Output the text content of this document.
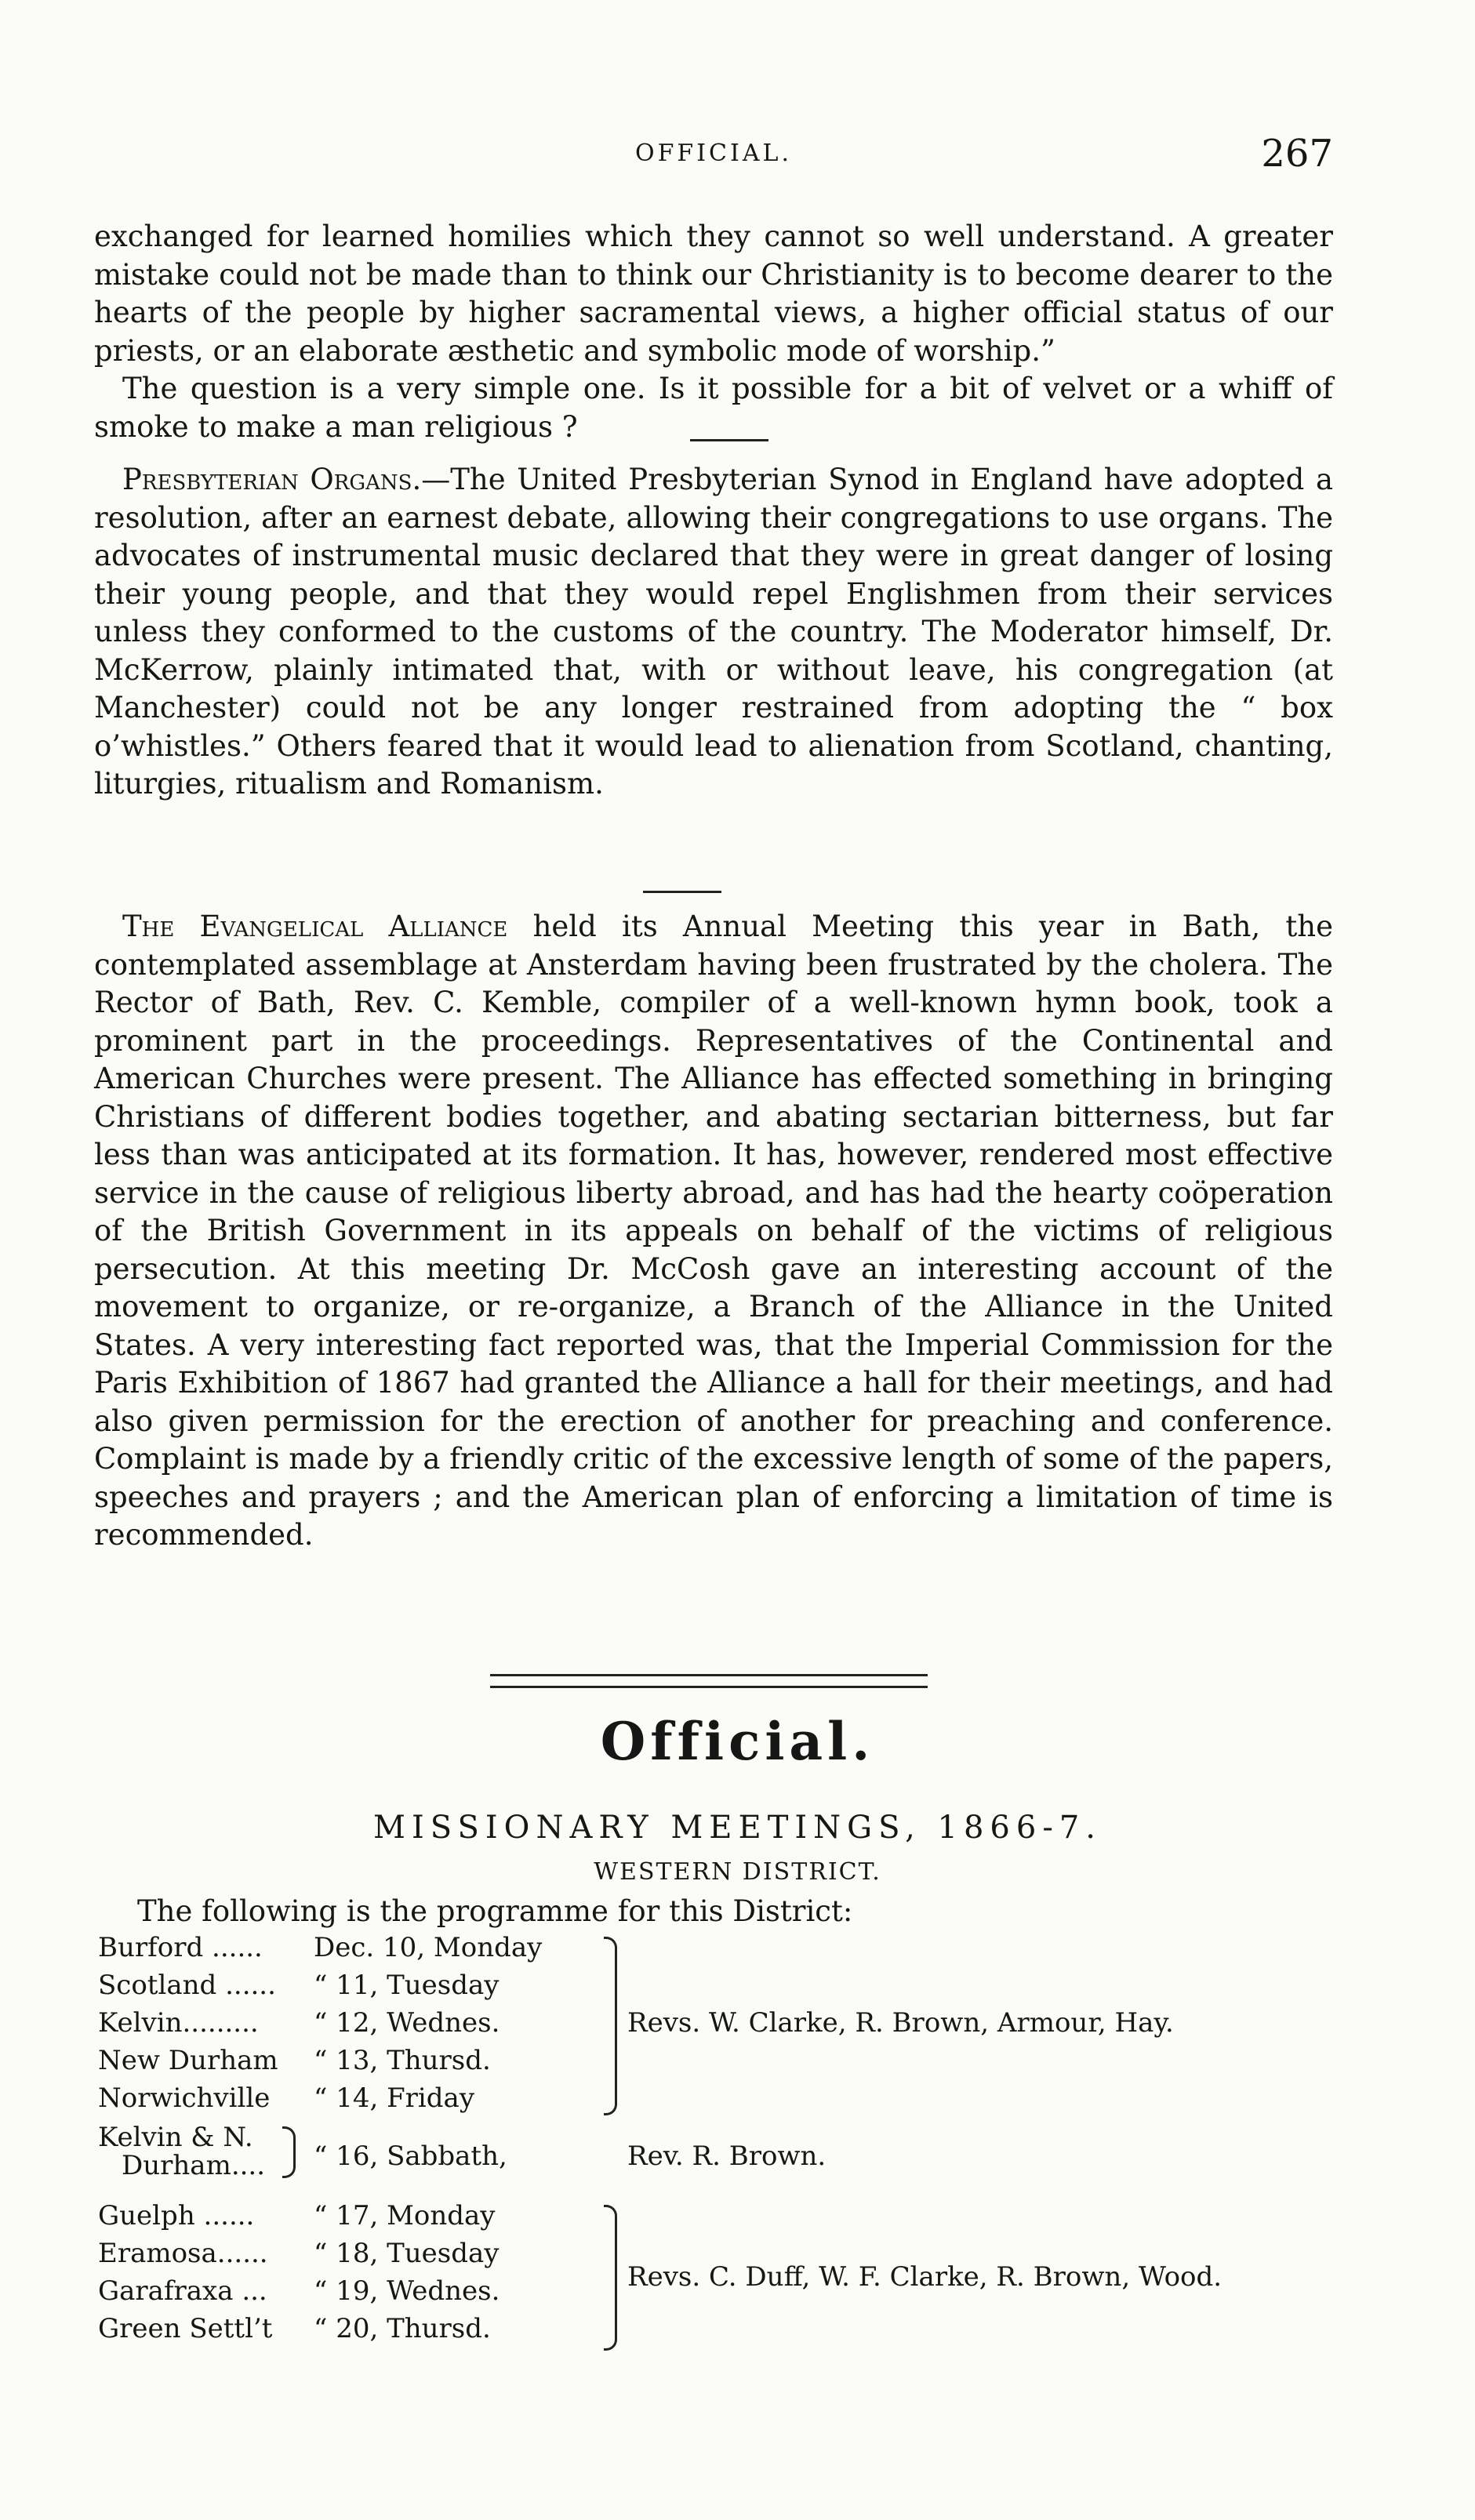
OFFICIAL.	267

exchanged for learned homilies which they cannot so well understand. A greater mistake could not be made than to think our Christianity is to become dearer to the hearts of the people by higher sacramental views, a higher official status of our priests, or an elaborate æsthetic and symbolic mode of worship.”

The question is a very simple one. Is it possible for a bit of velvet or a whiff of smoke to make a man religious ?

Presbyterian Organs.—The United Presbyterian Synod in England have adopted a resolution, after an earnest debate, allowing their congregations to use organs. The advocates of instrumental music declared that they were in great danger of losing their young people, and that they would repel Englishmen from their services unless they conformed to the customs of the country. The Moderator himself, Dr. McKerrow, plainly intimated that, with or without leave, his congregation (at Manchester) could not be any longer restrained from adopting the “ box o’whistles.” Others feared that it would lead to alienation from Scotland, chanting, liturgies, ritualism and Romanism.

The Evangelical Alliance held its Annual Meeting this year in Bath, the contemplated assemblage at Ansterdam having been frustrated by the cholera. The Rector of Bath, Rev. C. Kemble, compiler of a well-known hymn book, took a prominent part in the proceedings. Representatives of the Continental and American Churches were present. The Alliance has effected something in bringing Christians of different bodies together, and abating sectarian bitterness, but far less than was anticipated at its formation. It has, however, rendered most effective service in the cause of religious liberty abroad, and has had the hearty coöperation of the British Government in its appeals on behalf of the victims of religious persecution. At this meeting Dr. McCosh gave an interesting account of the movement to organize, or re-organize, a Branch of the Alliance in the United States. A very interesting fact reported was, that the Imperial Commission for the Paris Exhibition of 1867 had granted the Alliance a hall for their meetings, and had also given permission for the erection of another for preaching and conference. Complaint is made by a friendly critic of the excessive length of some of the papers, speeches and prayers ; and the American plan of enforcing a limitation of time is recommended.

Official.
MISSIONARY MEETINGS, 1866-7.
WESTERN DISTRICT.
The following is the programme for this District:
Burford ......
Scotland ......
Kelvin.........
New Durham
Norwichville
Kelvin & N.
Durham....
Guelph ......
Eramosa......
Garafraxa ...
Green Settl’t
Dec. 10, Monday
“ 11, Tuesday
“ 12, Wednes.
“ 13, Thursd.
“ 14, Friday
“ 16, Sabbath,
“ 17, Monday
“ 18, Tuesday
“ 19, Wednes.
“ 20, Thursd.
Revs. W. Clarke, R. Brown, Armour, Hay.
Rev. R. Brown.
Revs. C. Duff, W. F. Clarke, R. Brown, Wood.
